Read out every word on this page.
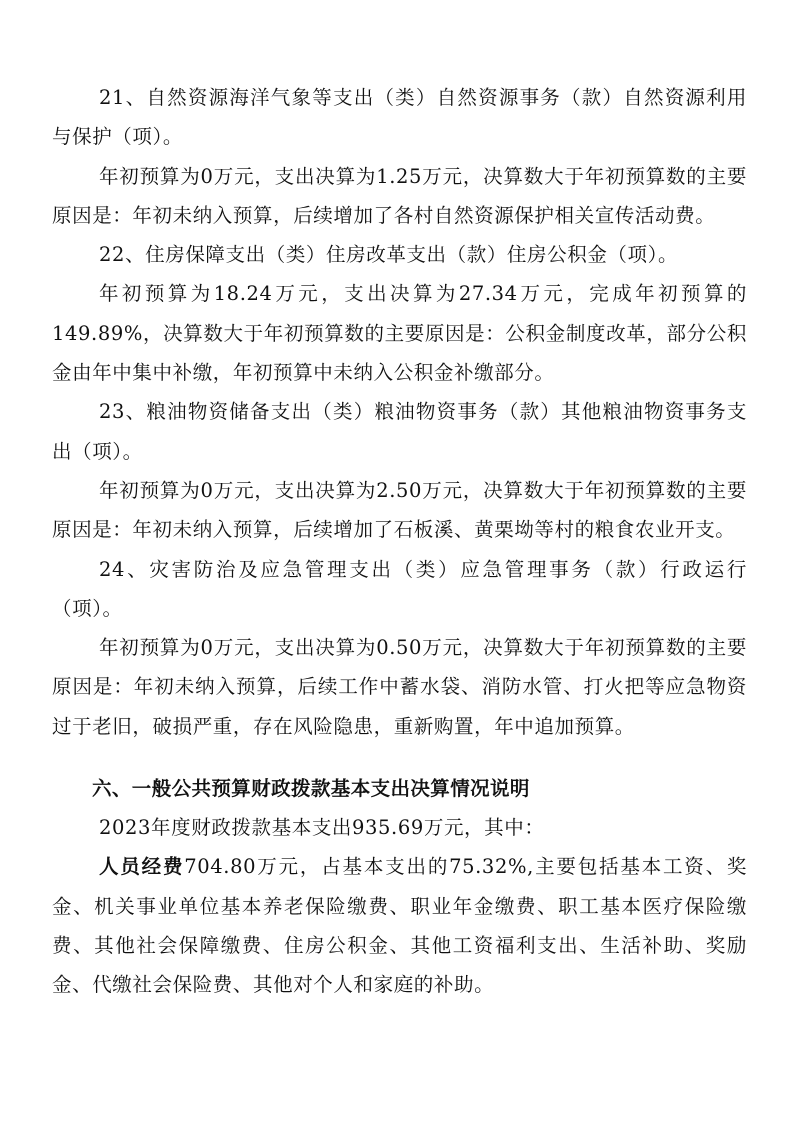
21、自然资源海洋气象等支出（类）自然资源事务（款）自然资源利用与保护（项）。

年初预算为0万元，支出决算为1.25万元，决算数大于年初预算数的主要原因是：年初未纳入预算，后续增加了各村自然资源保护相关宣传活动费。

22、住房保障支出（类）住房改革支出（款）住房公积金（项）。

年初预算为18.24万元，支出决算为27.34万元，完成年初预算的149.89%，决算数大于年初预算数的主要原因是：公积金制度改革，部分公积金由年中集中补缴，年初预算中未纳入公积金补缴部分。

23、粮油物资储备支出（类）粮油物资事务（款）其他粮油物资事务支出（项）。

年初预算为0万元，支出决算为2.50万元，决算数大于年初预算数的主要原因是：年初未纳入预算，后续增加了石板溪、黄栗坳等村的粮食农业开支。

24、灾害防治及应急管理支出（类）应急管理事务（款）行政运行（项）。

年初预算为0万元，支出决算为0.50万元，决算数大于年初预算数的主要原因是：年初未纳入预算，后续工作中蓄水袋、消防水管、打火把等应急物资过于老旧，破损严重，存在风险隐患，重新购置，年中追加预算。

六、一般公共预算财政拨款基本支出决算情况说明

2023年度财政拨款基本支出935.69万元，其中：

人员经费704.80万元，占基本支出的75.32%,主要包括基本工资、奖金、机关事业单位基本养老保险缴费、职业年金缴费、职工基本医疗保险缴费、其他社会保障缴费、住房公积金、其他工资福利支出、生活补助、奖励金、代缴社会保险费、其他对个人和家庭的补助。
